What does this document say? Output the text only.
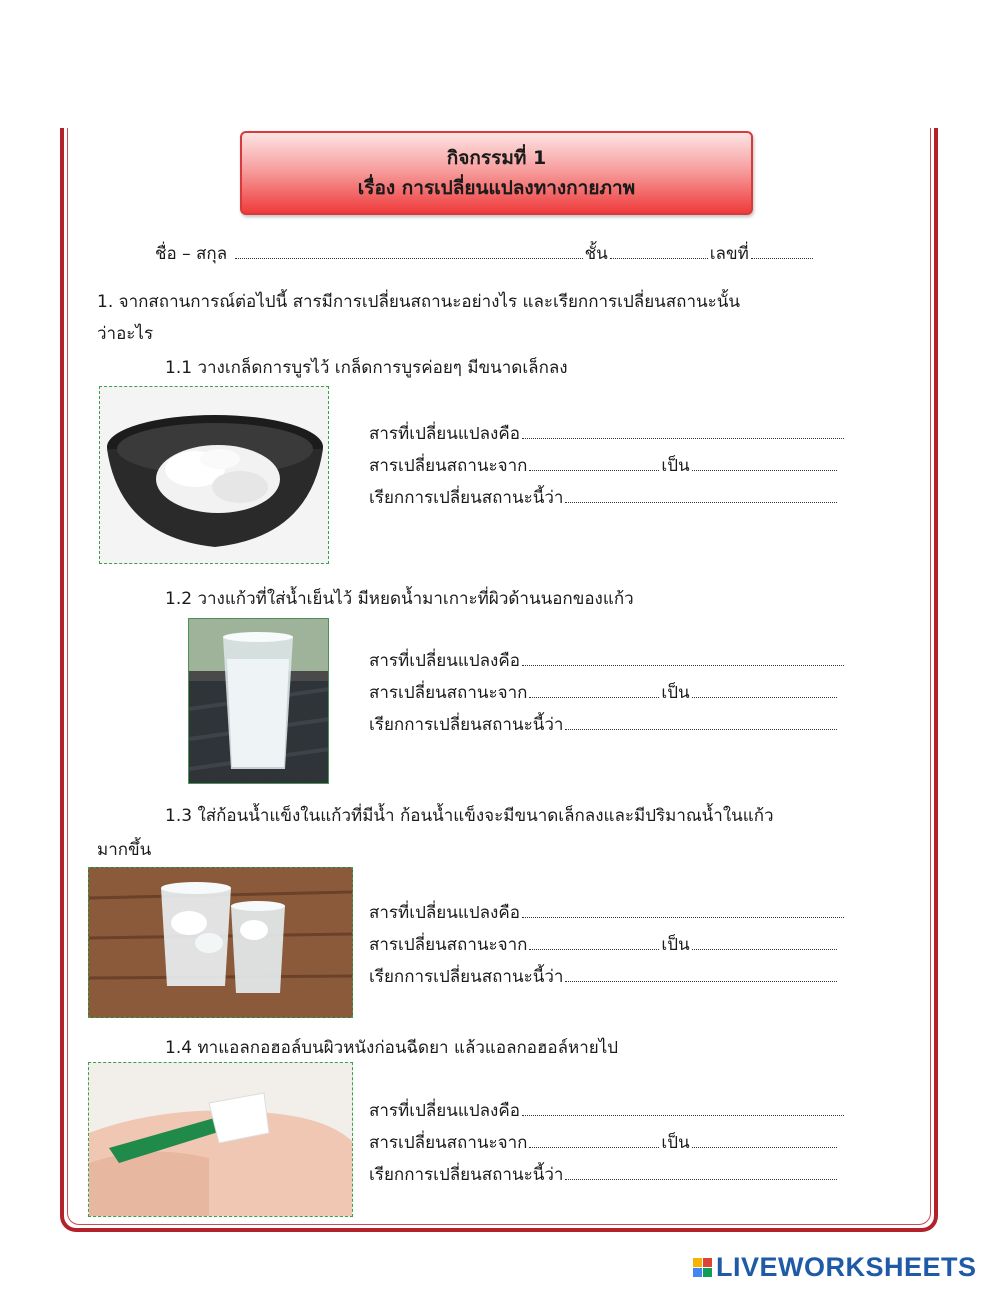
กิจกรรมที่ 1
เรื่อง การเปลี่ยนแปลงทางกายภาพ
ชื่อ – สกุล	ชั้น	เลขที่
1. จากสถานการณ์ต่อไปนี้ สารมีการเปลี่ยนสถานะอย่างไร และเรียกการเปลี่ยนสถานะนั้น
ว่าอะไร
1.1 วางเกล็ดการบูรไว้ เกล็ดการบูรค่อยๆ มีขนาดเล็กลง
สารที่เปลี่ยนแปลงคือ
สารเปลี่ยนสถานะจาก	เป็น
เรียกการเปลี่ยนสถานะนี้ว่า
1.2 วางแก้วที่ใส่น้ำเย็นไว้ มีหยดน้ำมาเกาะที่ผิวด้านนอกของแก้ว
สารที่เปลี่ยนแปลงคือ
สารเปลี่ยนสถานะจาก	เป็น
เรียกการเปลี่ยนสถานะนี้ว่า
1.3 ใส่ก้อนน้ำแข็งในแก้วที่มีน้ำ ก้อนน้ำแข็งจะมีขนาดเล็กลงและมีปริมาณน้ำในแก้ว
มากขึ้น
สารที่เปลี่ยนแปลงคือ
สารเปลี่ยนสถานะจาก	เป็น
เรียกการเปลี่ยนสถานะนี้ว่า
1.4 ทาแอลกอฮอล์บนผิวหนังก่อนฉีดยา แล้วแอลกอฮอล์หายไป
สารที่เปลี่ยนแปลงคือ
สารเปลี่ยนสถานะจาก	เป็น
เรียกการเปลี่ยนสถานะนี้ว่า
LIVEWORKSHEETS
